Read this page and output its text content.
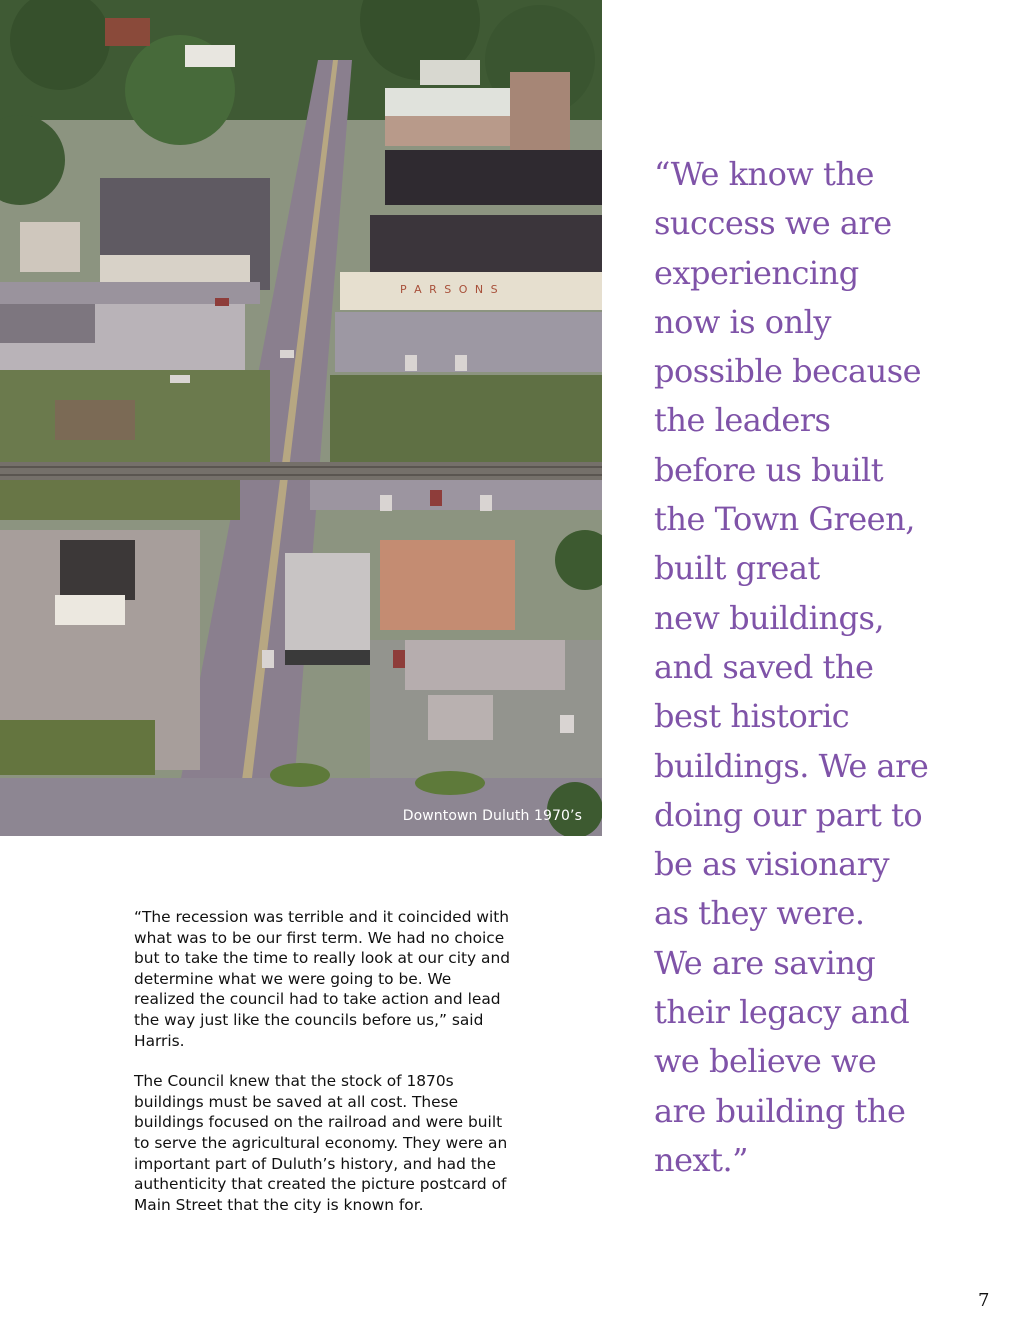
P A R S O N S
Downtown Duluth 1970’s
“We know the
success we are
experiencing
now is only
possible because
the leaders
before us built
the Town Green,
built great
new buildings,
and saved the
best historic
buildings. We are
doing our part to
be as visionary
as they were.
We are saving
their legacy and
we believe we
are building the
next.”

“The recession was terrible and it coincided with what was to be our first term. We had no choice but to take the time to really look at our city and determine what we were going to be. We realized the council had to take action and lead the way just like the councils before us,” said Harris.

The Council knew that the stock of 1870s buildings must be saved at all cost. These buildings focused on the railroad and were built to serve the agricultural economy. They were an important part of Duluth’s history, and had the authenticity that created the picture postcard of Main Street that the city is known for.

7
